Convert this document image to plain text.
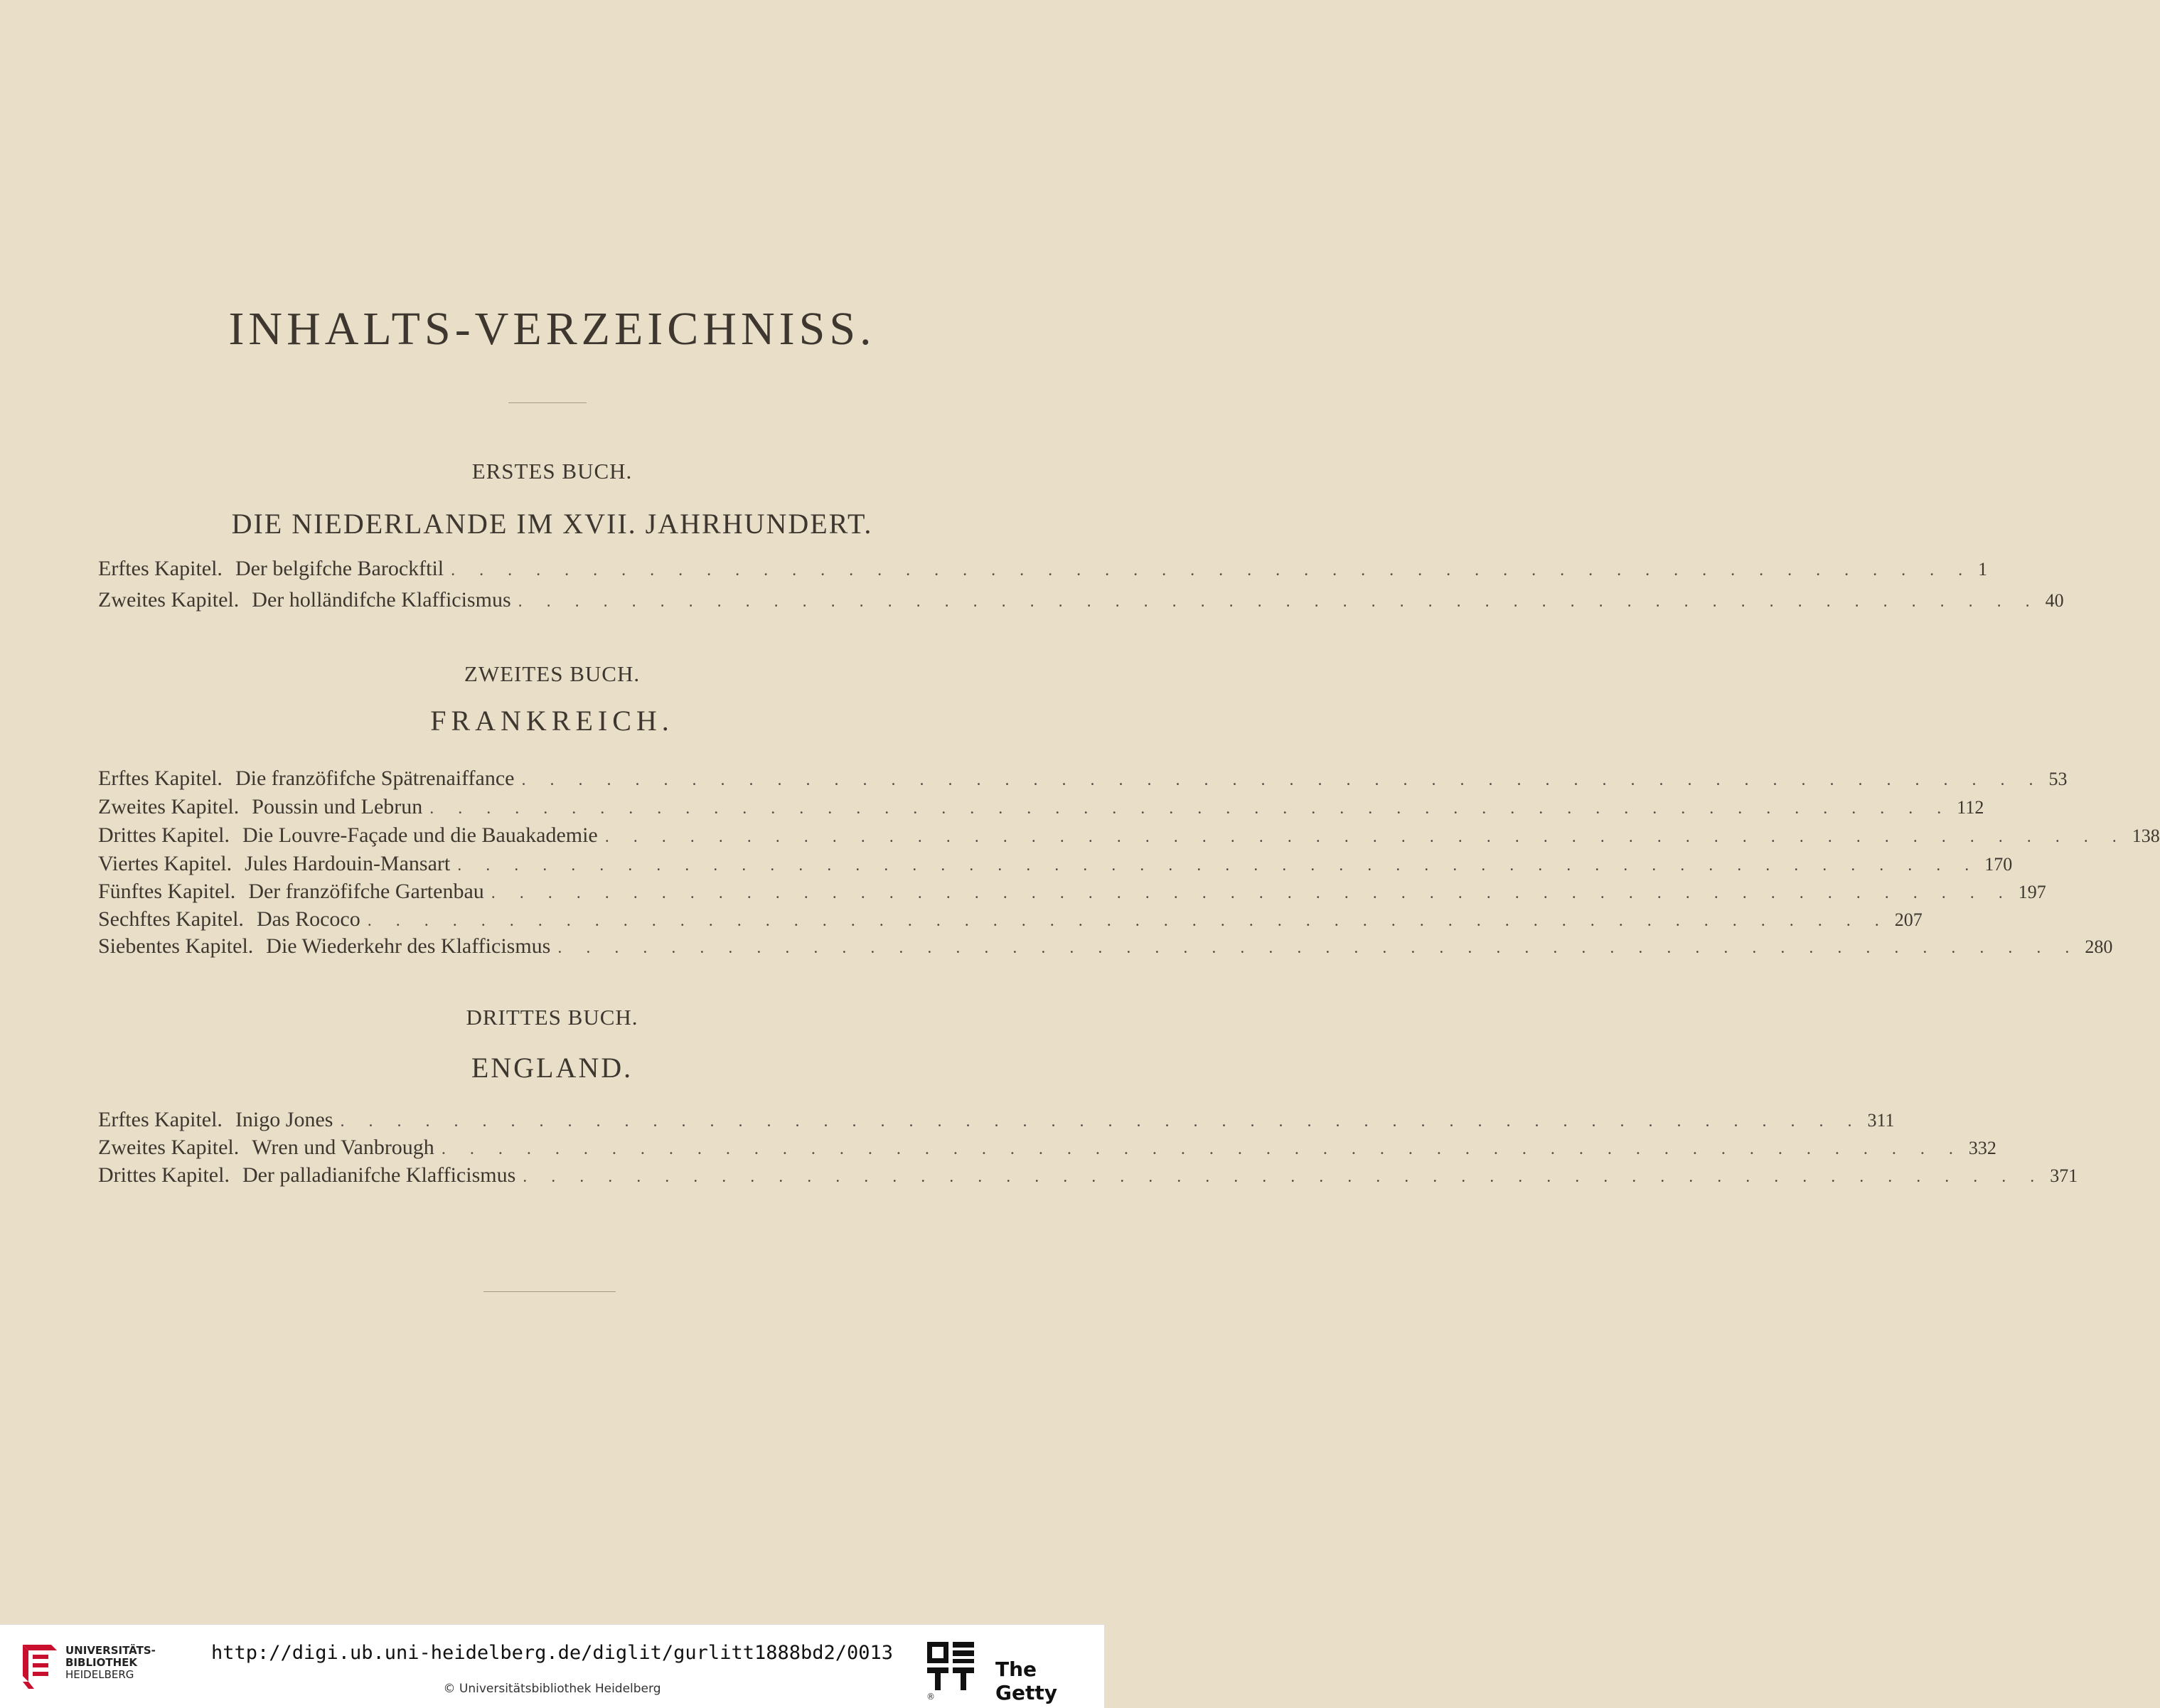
INHALTS-VERZEICHNISS.
ERSTES BUCH.
DIE NIEDERLANDE IM XVII. JAHRHUNDERT.
Erftes Kapitel. Der belgifche Barockftil . . . . . . . . . . . . . . . . . . . . . . . . . . . . . . . . . . . . . . . . . . . . . . . . . . . . . . 1
Zweites Kapitel. Der holländifche Klafficismus . . . . . . . . . . . . . . . . . . . . . . . . . . . . . . . . . . . . . . . . . . . . . . . . . . . . . . 40
ZWEITES BUCH.
FRANKREICH.
Erftes Kapitel. Die franzöfifche Spätrenaiffance . . . . . . . . . . . . . . . . . . . . . . . . . . . . . . . . . . . . . . . . . . . . . . . . . . . . . . 53
Zweites Kapitel. Poussin und Lebrun . . . . . . . . . . . . . . . . . . . . . . . . . . . . . . . . . . . . . . . . . . . . . . . . . . . . . . 112
Drittes Kapitel. Die Louvre-Façade und die Bauakademie . . . . . . . . . . . . . . . . . . . . . . . . . . . . . . . . . . . . . . . . . . . . . . . . . . . . . . 138
Viertes Kapitel. Jules Hardouin-Mansart . . . . . . . . . . . . . . . . . . . . . . . . . . . . . . . . . . . . . . . . . . . . . . . . . . . . . . 170
Fünftes Kapitel. Der franzöfifche Gartenbau . . . . . . . . . . . . . . . . . . . . . . . . . . . . . . . . . . . . . . . . . . . . . . . . . . . . . . 197
Sechftes Kapitel. Das Rococo . . . . . . . . . . . . . . . . . . . . . . . . . . . . . . . . . . . . . . . . . . . . . . . . . . . . . . 207
Siebentes Kapitel. Die Wiederkehr des Klafficismus . . . . . . . . . . . . . . . . . . . . . . . . . . . . . . . . . . . . . . . . . . . . . . . . . . . . . . 280
DRITTES BUCH.
ENGLAND.
Erftes Kapitel. Inigo Jones . . . . . . . . . . . . . . . . . . . . . . . . . . . . . . . . . . . . . . . . . . . . . . . . . . . . . . 311
Zweites Kapitel. Wren und Vanbrough . . . . . . . . . . . . . . . . . . . . . . . . . . . . . . . . . . . . . . . . . . . . . . . . . . . . . . 332
Drittes Kapitel. Der palladianifche Klafficismus . . . . . . . . . . . . . . . . . . . . . . . . . . . . . . . . . . . . . . . . . . . . . . . . . . . . . . 371
UNIVERSITÄTS-
BIBLIOTHEK
HEIDELBERG
http://digi.ub.uni-heidelberg.de/diglit/gurlitt1888bd2/0013
© Universitätsbibliothek Heidelberg
®
The Getty
